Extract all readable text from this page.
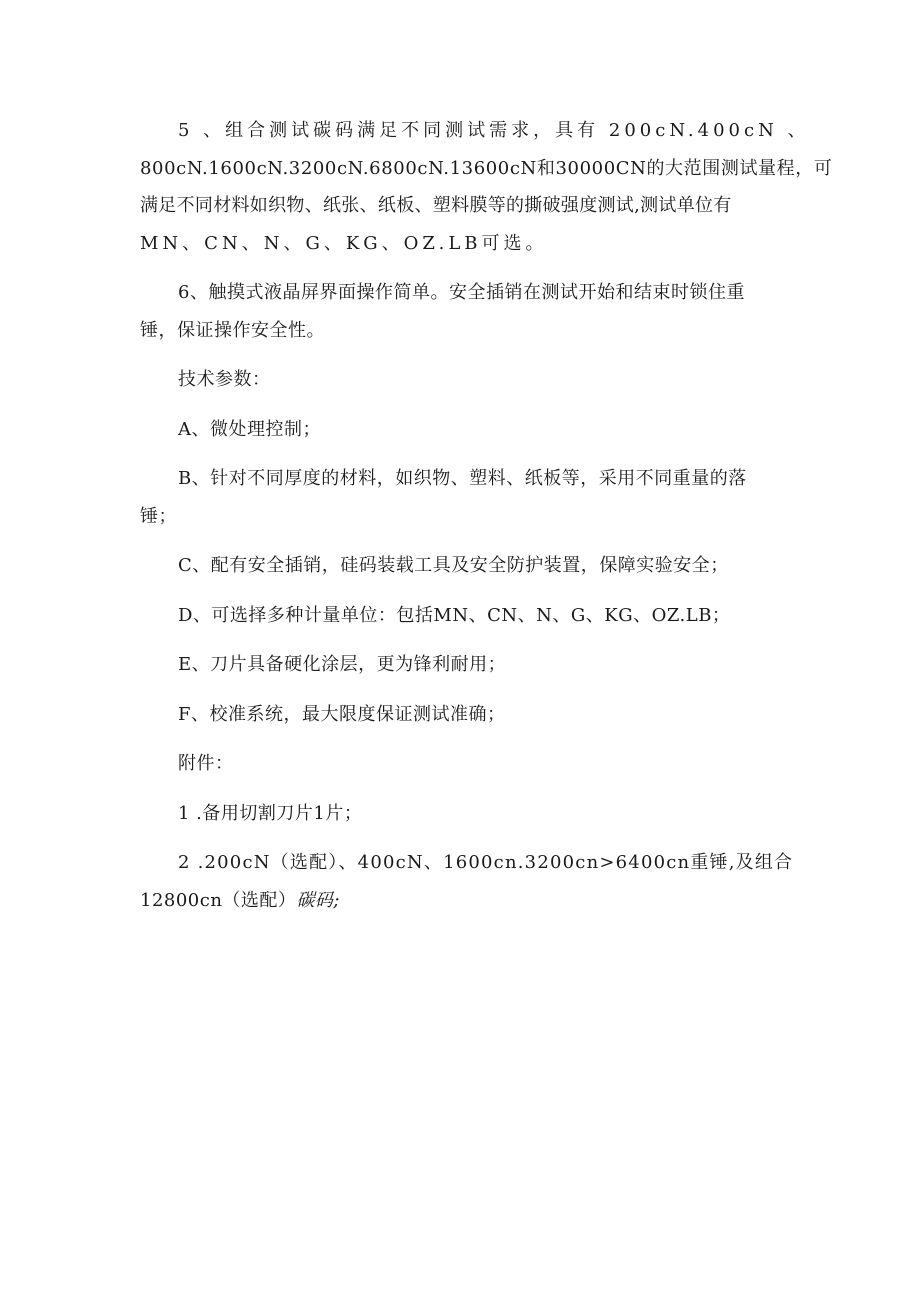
5 、组合测试碳码满足不同测试需求，具有 200cN.400cN 、
800cN.1600cN.3200cN.6800cN.13600cN和30000CN的大范围测试量程，可
满足不同材料如织物、纸张、纸板、塑料膜等的撕破强度测试,测试单位有
MN、CN、N、G、KG、OZ.LB可选。

6、触摸式液晶屏界面操作简单。安全插销在测试开始和结束时锁住重
锤，保证操作安全性。

技术参数：

A、微处理控制；

B、针对不同厚度的材料，如织物、塑料、纸板等，采用不同重量的落
锤；

C、配有安全插销，硅码装载工具及安全防护装置，保障实验安全；

D、可选择多种计量单位：包括MN、CN、N、G、KG、OZ.LB；

E、刀片具备硬化涂层，更为锋利耐用；

F、校准系统，最大限度保证测试准确；

附件：

1 .备用切割刀片1片；

2 .200cN（选配）、400cN、1600cn.3200cn>6400cn重锤,及组合
12800cn（选配）碳码;
